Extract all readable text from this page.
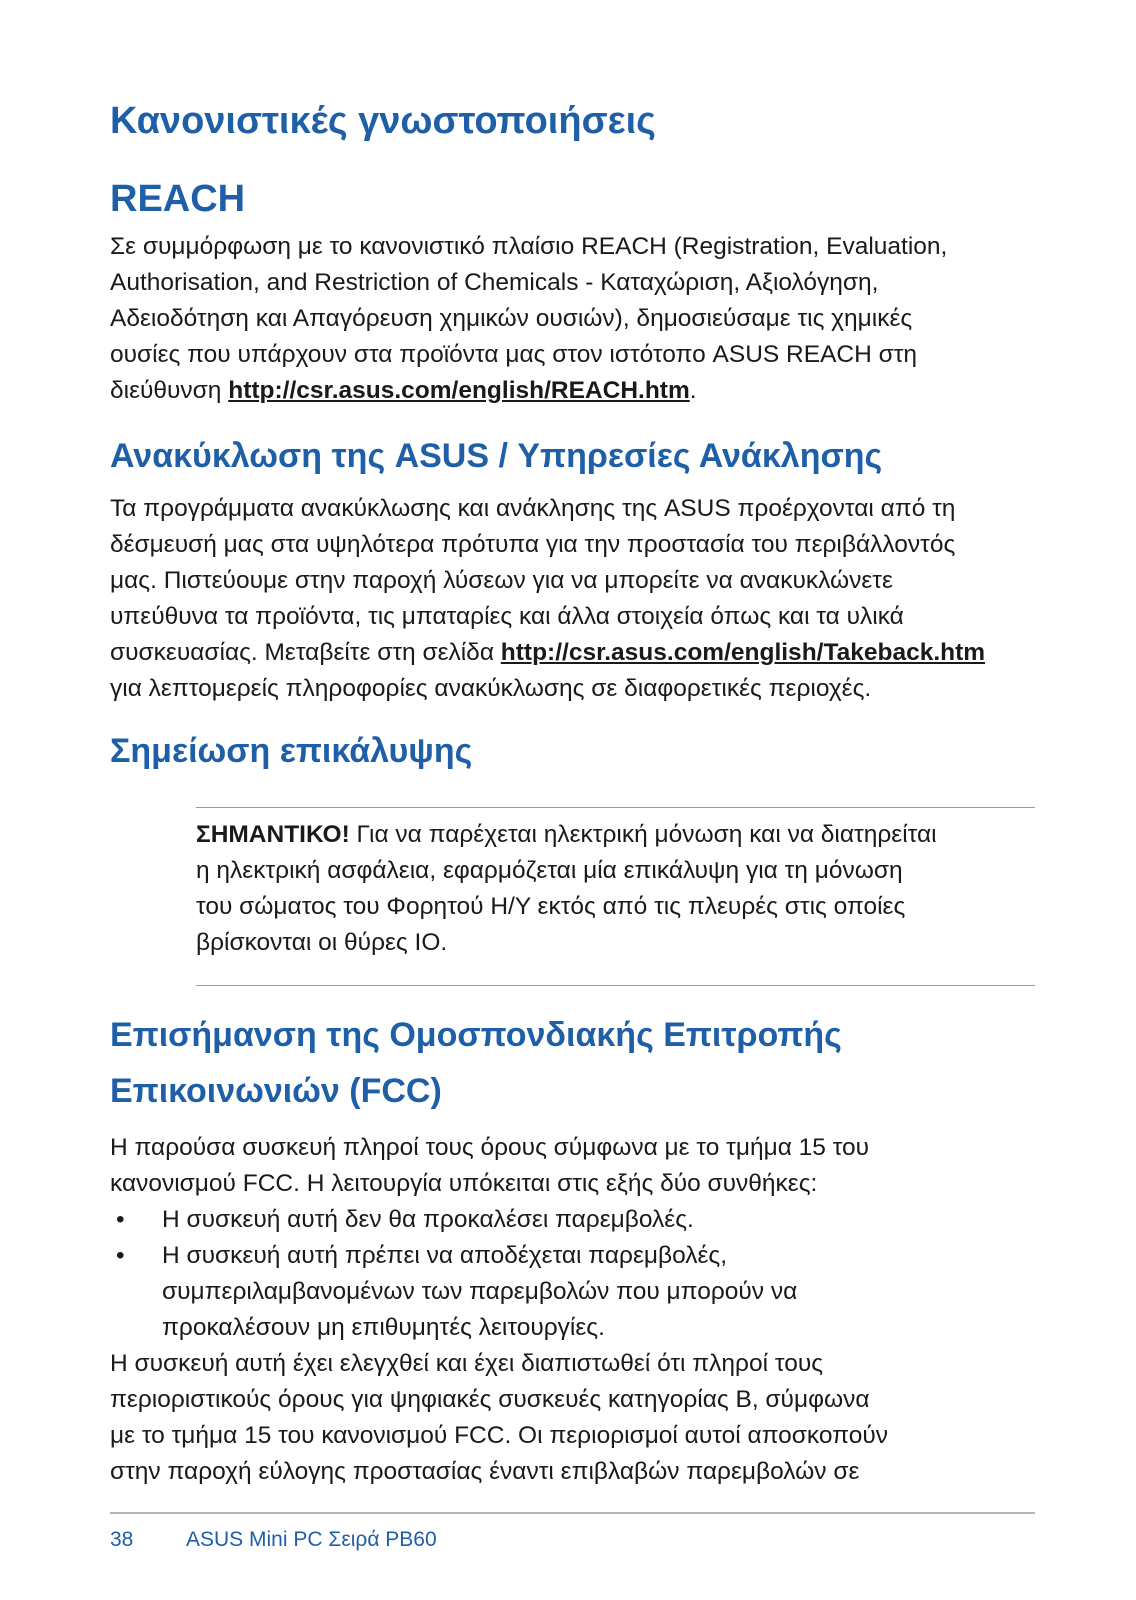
Κανονιστικές γνωστοποιήσεις
REACH

Σε συμμόρφωση με το κανονιστικό πλαίσιο REACH (Registration, Evaluation,
Authorisation, and Restriction of Chemicals - Καταχώριση, Αξιολόγηση,
Αδειοδότηση και Απαγόρευση χημικών ουσιών), δημοσιεύσαμε τις χημικές
ουσίες που υπάρχουν στα προϊόντα μας στον ιστότοπο ASUS REACH στη
διεύθυνση http://csr.asus.com/english/REACH.htm.

Ανακύκλωση της ASUS / Υπηρεσίες Ανάκλησης

Τα προγράμματα ανακύκλωσης και ανάκλησης της ASUS προέρχονται από τη
δέσμευσή μας στα υψηλότερα πρότυπα για την προστασία του περιβάλλοντός
μας. Πιστεύουμε στην παροχή λύσεων για να μπορείτε να ανακυκλώνετε
υπεύθυνα τα προϊόντα, τις μπαταρίες και άλλα στοιχεία όπως και τα υλικά
συσκευασίας. Μεταβείτε στη σελίδα http://csr.asus.com/english/Takeback.htm
για λεπτομερείς πληροφορίες ανακύκλωσης σε διαφορετικές περιοχές.

Σημείωση επικάλυψης

ΣΗΜΑΝΤΙΚΟ! Για να παρέχεται ηλεκτρική μόνωση και να διατηρείται
η ηλεκτρική ασφάλεια, εφαρμόζεται μία επικάλυψη για τη μόνωση
του σώματος του Φορητού Η/Υ εκτός από τις πλευρές στις οποίες
βρίσκονται οι θύρες IO.

Επισήμανση της Ομοσπονδιακής Επιτροπής
Επικοινωνιών (FCC)

Η παρούσα συσκευή πληροί τους όρους σύμφωνα με το τμήμα 15 του
κανονισμού FCC. Η λειτουργία υπόκειται στις εξής δύο συνθήκες:

• Η συσκευή αυτή δεν θα προκαλέσει παρεμβολές.
• Η συσκευή αυτή πρέπει να αποδέχεται παρεμβολές,
συμπεριλαμβανομένων των παρεμβολών που μπορούν να
προκαλέσουν μη επιθυμητές λειτουργίες.

Η συσκευή αυτή έχει ελεγχθεί και έχει διαπιστωθεί ότι πληροί τους
περιοριστικούς όρους για ψηφιακές συσκευές κατηγορίας B, σύμφωνα
με το τμήμα 15 του κανονισμού FCC. Οι περιορισμοί αυτοί αποσκοπούν
στην παροχή εύλογης προστασίας έναντι επιβλαβών παρεμβολών σε

38	ASUS Mini PC Σειρά PB60
